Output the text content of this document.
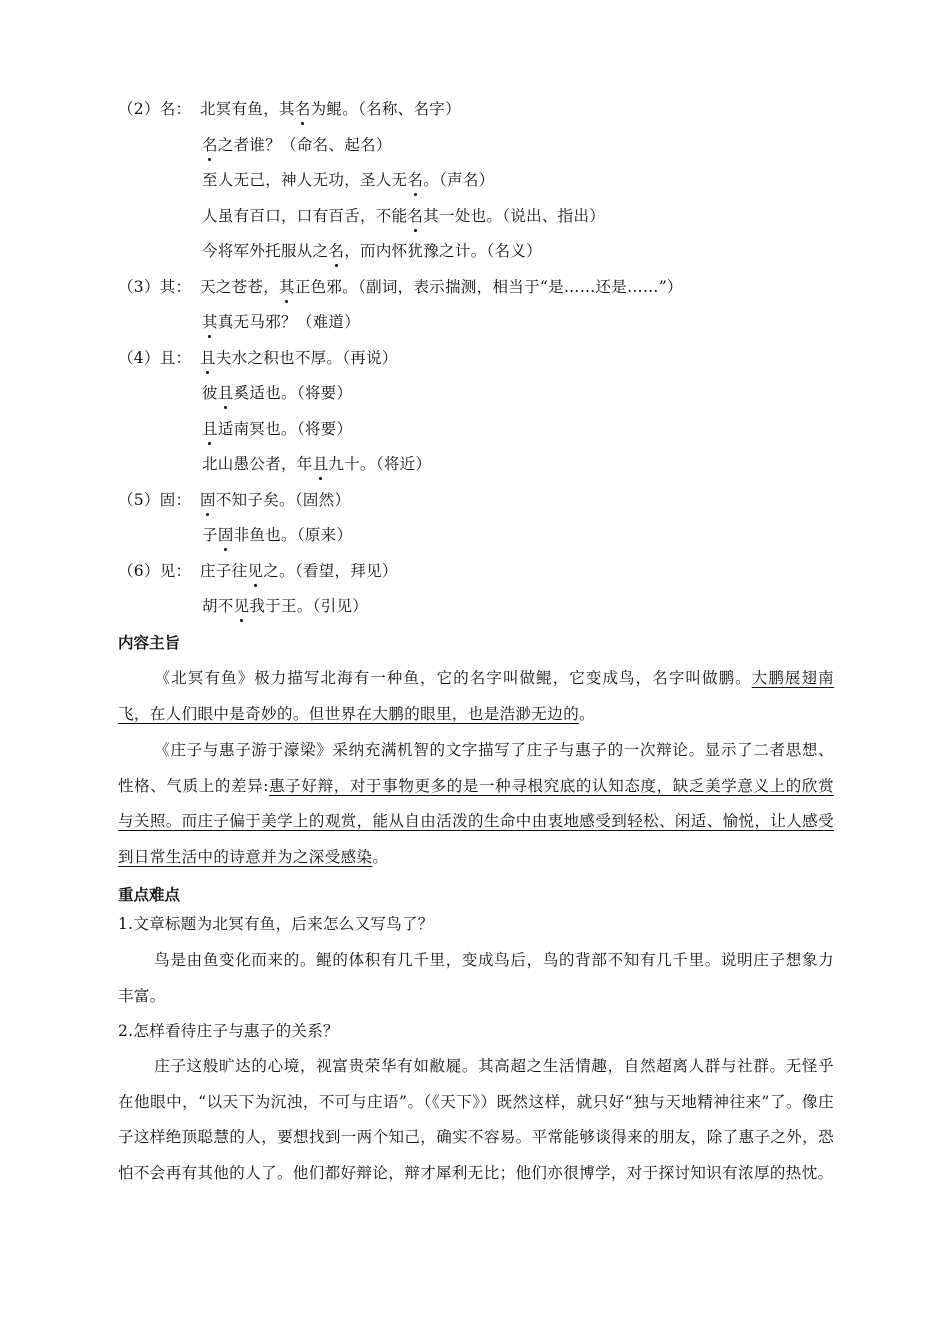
（2）名： 北冥有鱼，其名为鲲。（名称、名字）
名之者谁？（命名、起名）
至人无己，神人无功，圣人无名。（声名）
人虽有百口，口有百舌，不能名其一处也。（说出、指出）
今将军外托服从之名，而内怀犹豫之计。（名义）
（3）其： 天之苍苍，其正色邪。（副词，表示揣测，相当于“是……还是……”）
其真无马邪？（难道）
（4）且： 且夫水之积也不厚。（再说）
彼且奚适也。（将要）
且适南冥也。（将要）
北山愚公者，年且九十。（将近）
（5）固： 固不知子矣。（固然）
子固非鱼也。（原来）
（6）见： 庄子往见之。（看望，拜见）
胡不见我于王。（引见）
内容主旨
《北冥有鱼》极力描写北海有一种鱼，它的名字叫做鲲，它变成鸟，名字叫做鹏。大鹏展翅南飞，在人们眼中是奇妙的。但世界在大鹏的眼里，也是浩渺无边的。
《庄子与惠子游于濠梁》采纳充满机智的文字描写了庄子与惠子的一次辩论。显示了二者思想、性格、气质上的差异:惠子好辩，对于事物更多的是一种寻根究底的认知态度，缺乏美学意义上的欣赏与关照。而庄子偏于美学上的观赏，能从自由活泼的生命中由衷地感受到轻松、闲适、愉悦，让人感受到日常生活中的诗意并为之深受感染。
重点难点
1.文章标题为北冥有鱼，后来怎么又写鸟了？
鸟是由鱼变化而来的。鲲的体积有几千里，变成鸟后，鸟的背部不知有几千里。说明庄子想象力丰富。
2.怎样看待庄子与惠子的关系？
庄子这般旷达的心境，视富贵荣华有如敝屣。其高超之生活情趣，自然超离人群与社群。无怪乎在他眼中，“以天下为沉浊，不可与庄语”。（《天下》）既然这样，就只好“独与天地精神往来”了。像庄子这样绝顶聪慧的人，要想找到一两个知己，确实不容易。平常能够谈得来的朋友，除了惠子之外，恐怕不会再有其他的人了。他们都好辩论，辩才犀利无比；他们亦很博学，对于探讨知识有浓厚的热忱。
